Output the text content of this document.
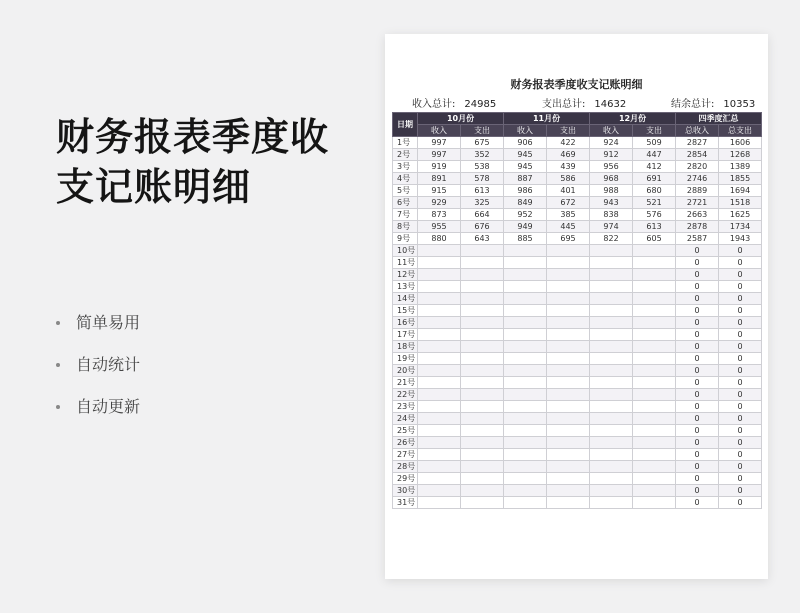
财务报表季度收支记账明细
简单易用
自动统计
自动更新
财务报表季度收支记账明细
收入总计: 24985	支出总计: 14632	结余总计: 10353
日期	10月份		11月份		12月份		四季度汇总	
	收入	支出	收入	支出	收入	支出	总收入	总支出
1号	997	675	906	422	924	509	2827	1606
2号	997	352	945	469	912	447	2854	1268
3号	919	538	945	439	956	412	2820	1389
4号	891	578	887	586	968	691	2746	1855
5号	915	613	986	401	988	680	2889	1694
6号	929	325	849	672	943	521	2721	1518
7号	873	664	952	385	838	576	2663	1625
8号	955	676	949	445	974	613	2878	1734
9号	880	643	885	695	822	605	2587	1943
10号							0	0
11号							0	0
12号							0	0
13号							0	0
14号							0	0
15号							0	0
16号							0	0
17号							0	0
18号							0	0
19号							0	0
20号							0	0
21号							0	0
22号							0	0
23号							0	0
24号							0	0
25号							0	0
26号							0	0
27号							0	0
28号							0	0
29号							0	0
30号							0	0
31号							0	0
